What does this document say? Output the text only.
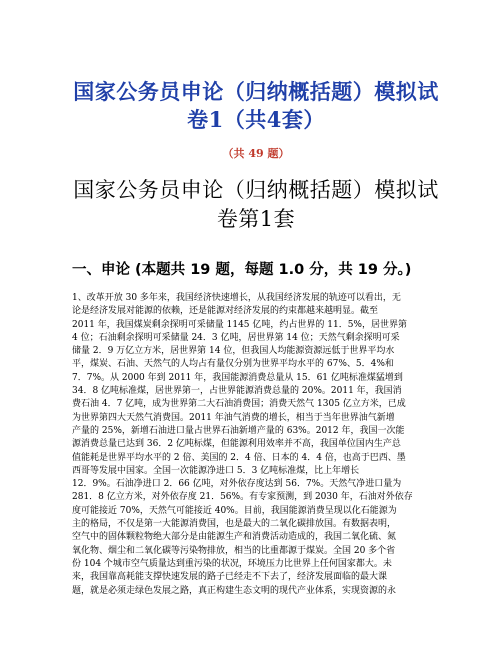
国家公务员申论（归纳概括题）模拟试卷1（共4套）
（共 49 题）
国家公务员申论（归纳概括题）模拟试卷第1套
一、申论 (本题共 19 题，每题 1.0 分，共 19 分。)
1、改革开放 30 多年来，我国经济快速增长，从我国经济发展的轨迹可以看出，无
论是经济发展对能源的依赖，还是能源对经济发展的约束都越来越明显。截至
2011 年，我国煤炭剩余探明可采储量 1145 亿吨，约占世界的 11．5%，居世界第
4 位；石油剩余探明可采储量 24．3 亿吨，居世界第 14 位；天然气剩余探明可采
储量 2．9 万亿立方米，居世界第 14 位，但我国人均能源资源远低于世界平均水
平，煤炭、石油、天然气的人均占有量仅分别为世界平均水平的 67%、5．4%和
7．7%。从 2000 年到 2011 年，我国能源消费总量从 15．61 亿吨标准煤猛增到
34．8 亿吨标准煤，居世界第一，占世界能源消费总量的 20%。2011 年，我国消
费石油 4．7 亿吨，成为世界第二大石油消费国；消费天然气 1305 亿立方米，已成
为世界第四大天然气消费国。2011 年油气消费的增长，相当于当年世界油气新增
产量的 25%，新增石油进口量占世界石油新增产量的 63%。2012 年，我国一次能
源消费总量已达到 36．2 亿吨标煤，但能源利用效率并不高，我国单位国内生产总
值能耗是世界平均水平的 2 倍、美国的 2．4 倍、日本的 4．4 倍，也高于巴西、墨
西哥等发展中国家。全国一次能源净进口 5．3 亿吨标准煤，比上年增长
12．9%。石油净进口 2．66 亿吨，对外依存度达到 56．7%。天然气净进口量为
281．8 亿立方米，对外依存度 21．56%。有专家预测，到 2030 年，石油对外依存
度可能接近 70%，天然气可能接近 40%。目前，我国能源消费呈现以化石能源为
主的格局，不仅是第一大能源消费国，也是最大的二氧化碳排放国。有数据表明，
空气中的固体颗粒物绝大部分是由能源生产和消费活动造成的，我国二氧化硫、氮
氧化物、烟尘和二氧化碳等污染物排放，相当的比重都源于煤炭。全国 20 多个省
份 104 个城市空气质量达到重污染的状况，环境压力比世界上任何国家都大。未
来，我国靠高耗能支撑快速发展的路子已经走不下去了，经济发展面临的最大课
题，就是必须走绿色发展之路，真正构建生态文明的现代产业体系，实现资源的永
